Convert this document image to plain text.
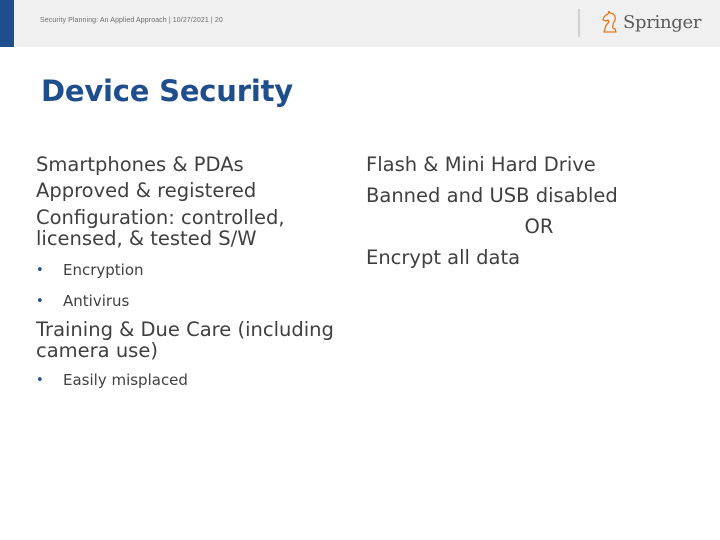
Security Planning: An Applied Approach | 10/27/2021 | 20	Springer
Device Security
Smartphones & PDAs
Approved & registered
Configuration: controlled, licensed, & tested S/W
•	Encryption
•	Antivirus
Training & Due Care (including camera use)
•	Easily misplaced
Flash & Mini Hard Drive
Banned and USB disabled
OR
Encrypt all data
